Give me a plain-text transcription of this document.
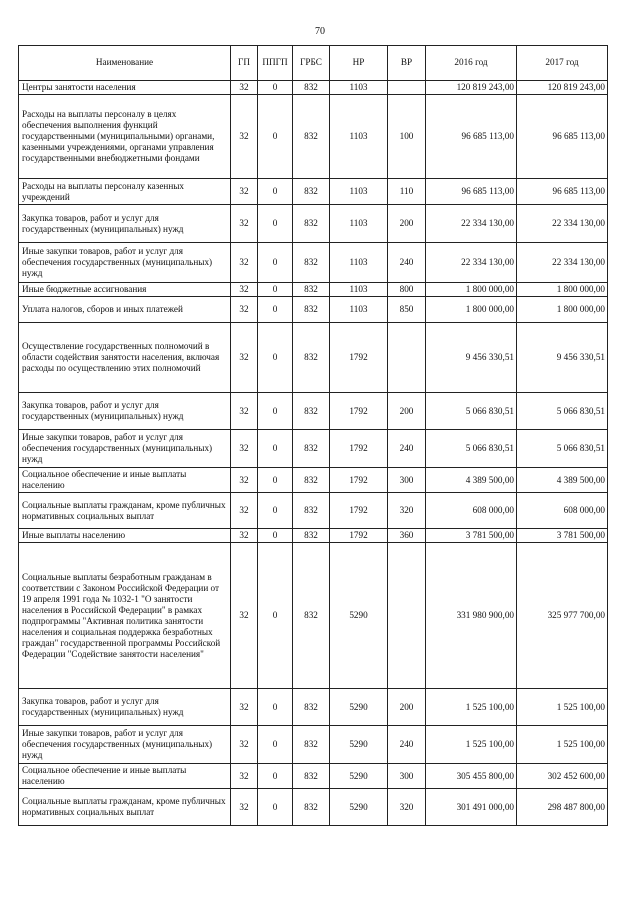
70
Наименование	ГП	ППГП	ГРБС	НР	ВР	2016 год	2017 год
Центры занятости населения	32	0	832	1103		120 819 243,00	120 819 243,00
Расходы на выплаты персоналу в целях обеспечения выполнения функций государственными (муниципальными) органами, казенными учреждениями, органами управления государственными внебюджетными фондами	32	0	832	1103	100	96 685 113,00	96 685 113,00
Расходы на выплаты персоналу казенных учреждений	32	0	832	1103	110	96 685 113,00	96 685 113,00
Закупка товаров, работ и услуг для государственных (муниципальных) нужд	32	0	832	1103	200	22 334 130,00	22 334 130,00
Иные закупки товаров, работ и услуг для обеспечения государственных (муниципальных) нужд	32	0	832	1103	240	22 334 130,00	22 334 130,00
Иные бюджетные ассигнования	32	0	832	1103	800	1 800 000,00	1 800 000,00
Уплата налогов, сборов и иных платежей	32	0	832	1103	850	1 800 000,00	1 800 000,00
Осуществление государственных полномочий в области содействия занятости населения, включая расходы по осуществлению этих полномочий	32	0	832	1792		9 456 330,51	9 456 330,51
Закупка товаров, работ и услуг для государственных (муниципальных) нужд	32	0	832	1792	200	5 066 830,51	5 066 830,51
Иные закупки товаров, работ и услуг для обеспечения государственных (муниципальных) нужд	32	0	832	1792	240	5 066 830,51	5 066 830,51
Социальное обеспечение и иные выплаты населению	32	0	832	1792	300	4 389 500,00	4 389 500,00
Социальные выплаты гражданам, кроме публичных нормативных социальных выплат	32	0	832	1792	320	608 000,00	608 000,00
Иные выплаты населению	32	0	832	1792	360	3 781 500,00	3 781 500,00
Социальные выплаты безработным гражданам в соответствии с Законом Российской Федерации от 19 апреля 1991 года № 1032-1 "О занятости населения в Российской Федерации" в рамках подпрограммы "Активная политика занятости населения и социальная поддержка безработных граждан" государственной программы Российской Федерации "Содействие занятости населения"	32	0	832	5290		331 980 900,00	325 977 700,00
Закупка товаров, работ и услуг для государственных (муниципальных) нужд	32	0	832	5290	200	1 525 100,00	1 525 100,00
Иные закупки товаров, работ и услуг для обеспечения государственных (муниципальных) нужд	32	0	832	5290	240	1 525 100,00	1 525 100,00
Социальное обеспечение и иные выплаты населению	32	0	832	5290	300	305 455 800,00	302 452 600,00
Социальные выплаты гражданам, кроме публичных нормативных социальных выплат	32	0	832	5290	320	301 491 000,00	298 487 800,00
